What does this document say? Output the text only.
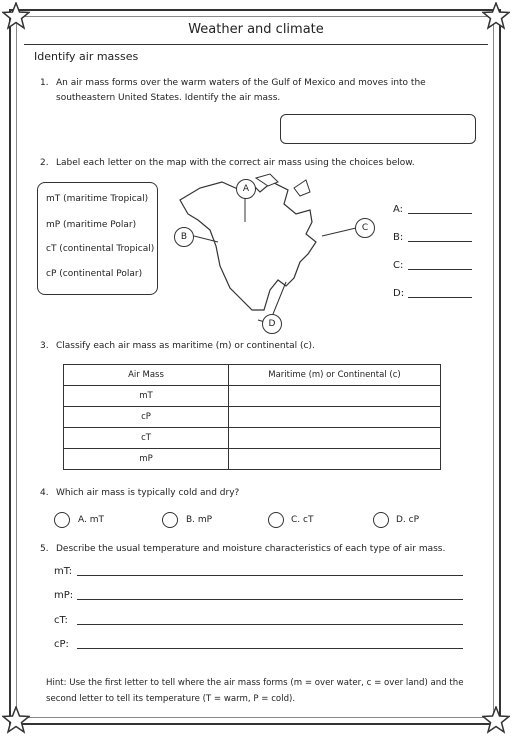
Weather and climate
Identify air masses
1. An air mass forms over the warm waters of the Gulf of Mexico and moves into the
southeastern United States. Identify the air mass.
2. Label each letter on the map with the correct air mass using the choices below.
mT (maritime Tropical)
mP (maritime Polar)
cT (continental Tropical)
cP (continental Polar)
A
B
C
D
A:
B:
C:
D:
3. Classify each air mass as maritime (m) or continental (c).
Air Mass	Maritime (m) or Continental (c)
mT	
cP	
cT	
mP	
4. Which air mass is typically cold and dry?
A. mT	B. mP	C. cT	D. cP
5. Describe the usual temperature and moisture characteristics of each type of air mass.
mT:
mP:
cT:
cP:
Hint: Use the first letter to tell where the air mass forms (m = over water, c = over land) and the
second letter to tell its temperature (T = warm, P = cold).
